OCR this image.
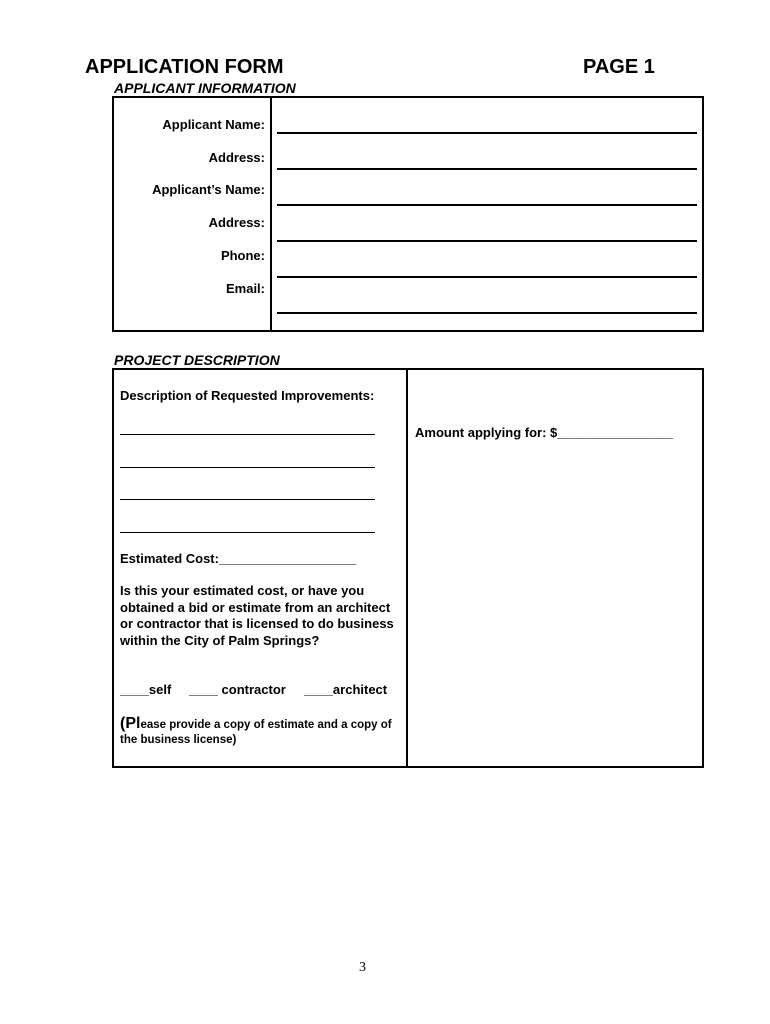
APPLICATION FORM	PAGE 1
APPLICANT INFORMATION
Applicant Name:
Address:
Applicant’s Name:
Address:
Phone:
Email:
PROJECT DESCRIPTION
Description of Requested Improvements:
Estimated Cost:___________________
Is this your estimated cost, or have you obtained a bid or estimate from an architect or contractor that is licensed to do business within the City of Palm Springs?
____self ____ contractor ____architect
(Please provide a copy of estimate and a copy of the business license)
Amount applying for: $________________
3
